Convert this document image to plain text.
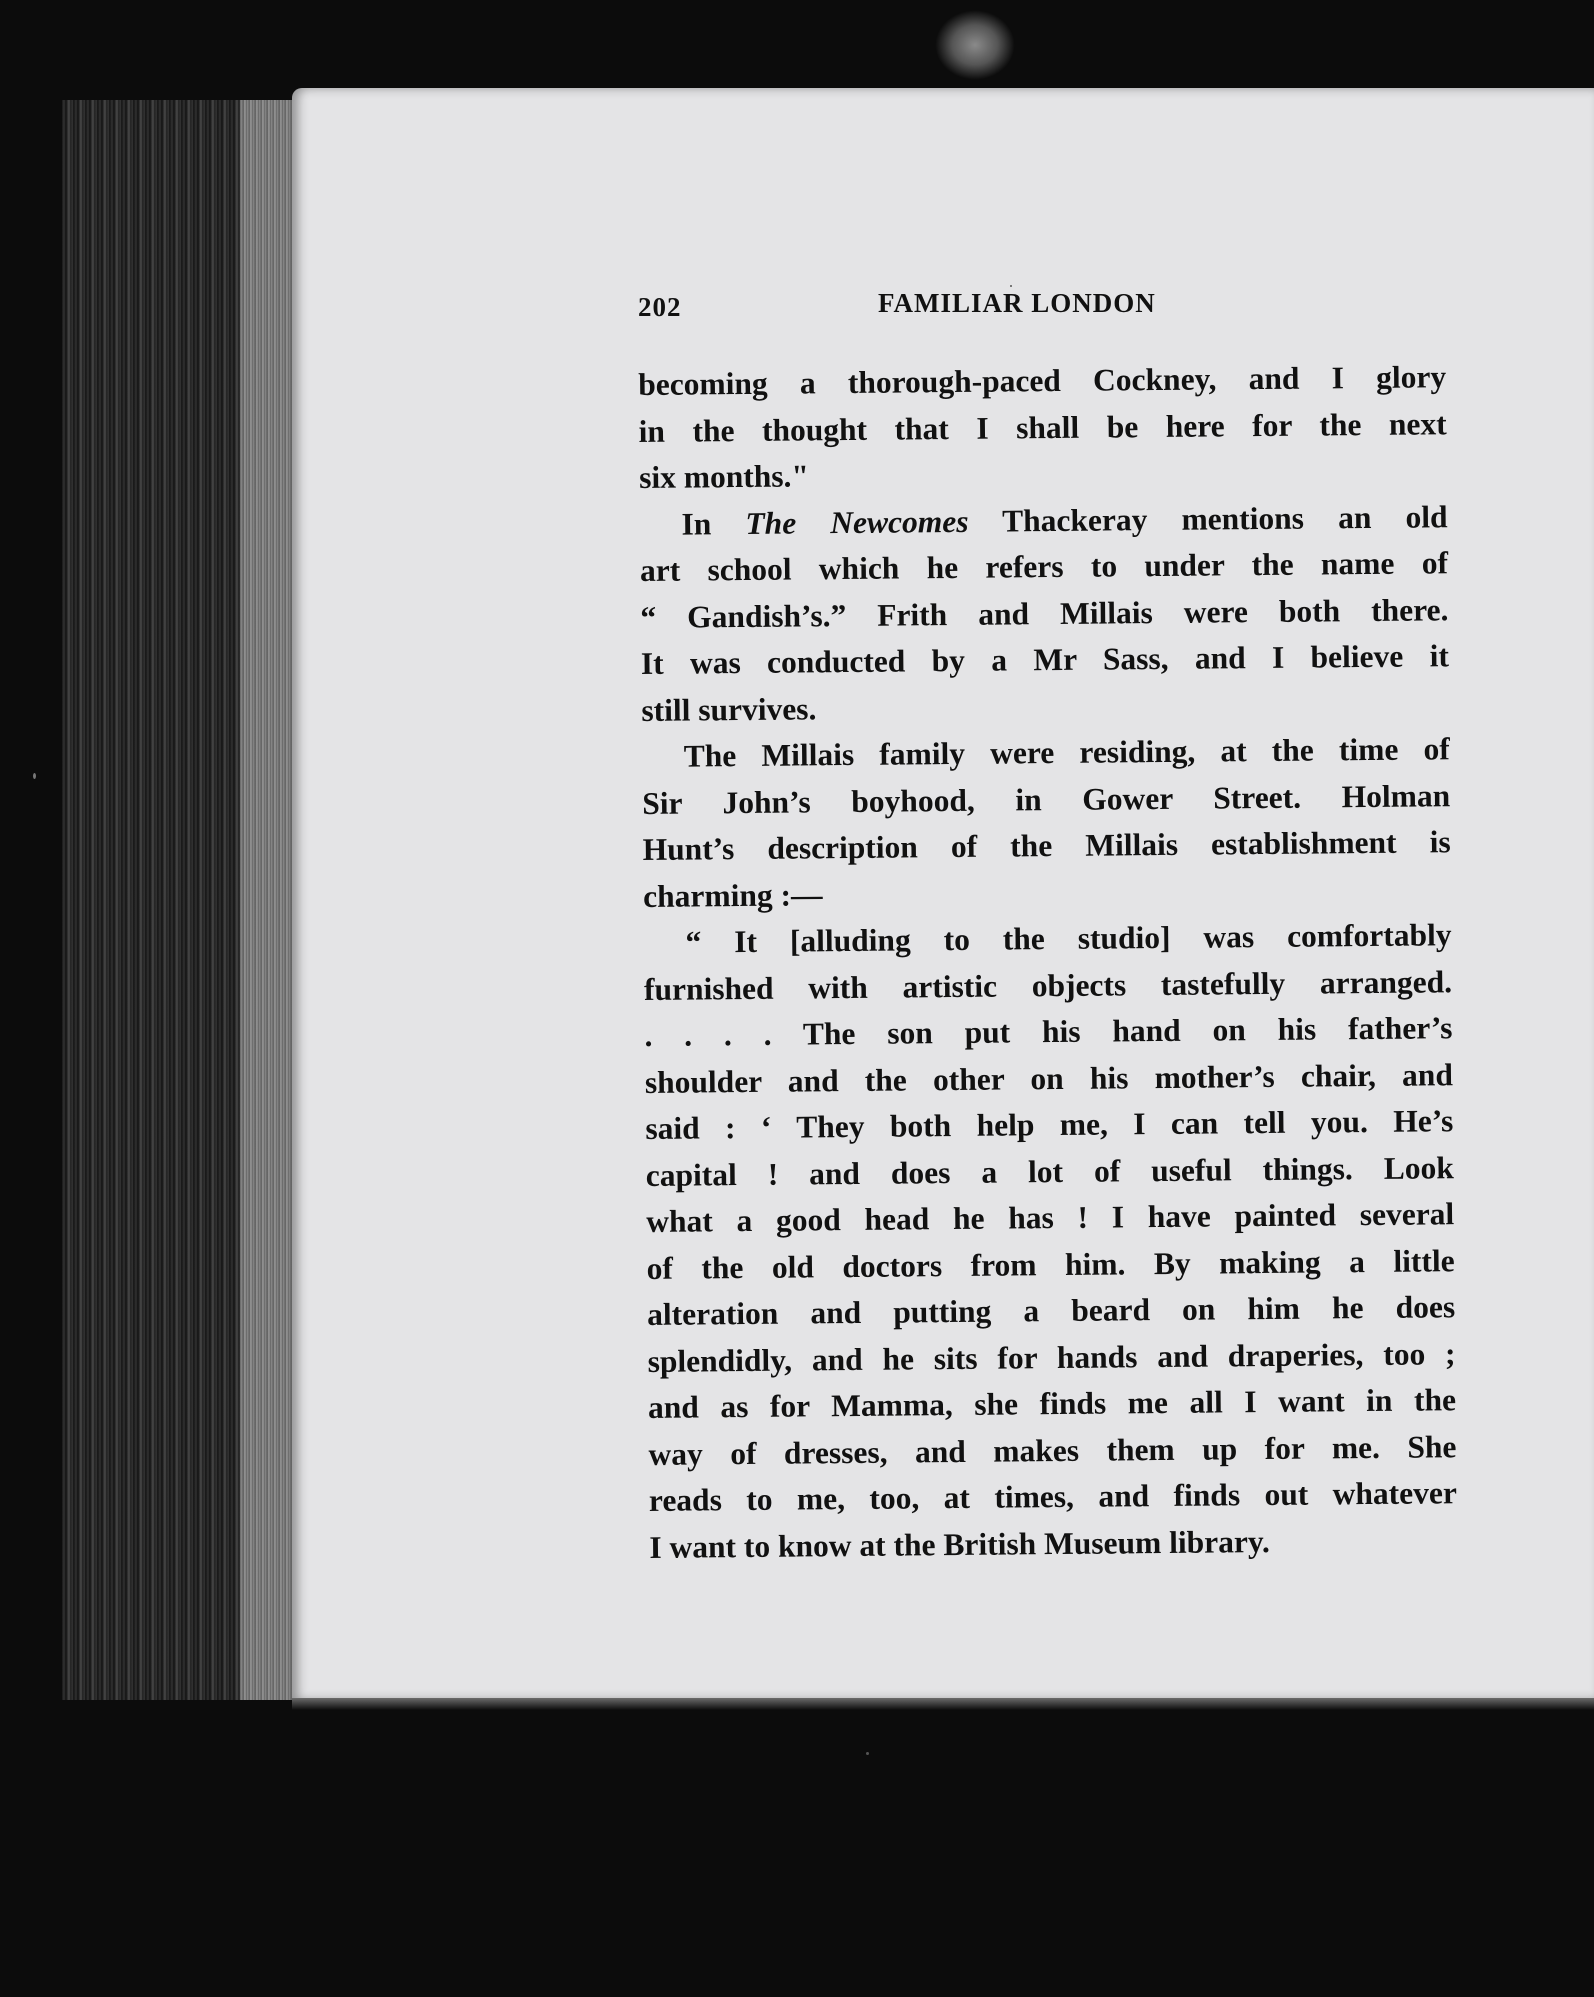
202	FAMILIAR LONDON
becoming a thorough-paced Cockney, and I glory
in the thought that I shall be here for the next
six months."
In The Newcomes Thackeray mentions an old
art school which he refers to under the name of
“ Gandish’s.” Frith and Millais were both there.
It was conducted by a Mr Sass, and I believe it
still survives.
The Millais family were residing, at the time of
Sir John’s boyhood, in Gower Street. Holman
Hunt’s description of the Millais establishment is
charming :—
“ It [alluding to the studio] was comfortably
furnished with artistic objects tastefully arranged.
. . . . The son put his hand on his father’s
shoulder and the other on his mother’s chair, and
said : ‘ They both help me, I can tell you. He’s
capital ! and does a lot of useful things. Look
what a good head he has ! I have painted several
of the old doctors from him. By making a little
alteration and putting a beard on him he does
splendidly, and he sits for hands and draperies, too ;
and as for Mamma, she finds me all I want in the
way of dresses, and makes them up for me. She
reads to me, too, at times, and finds out whatever
I want to know at the British Museum library.
